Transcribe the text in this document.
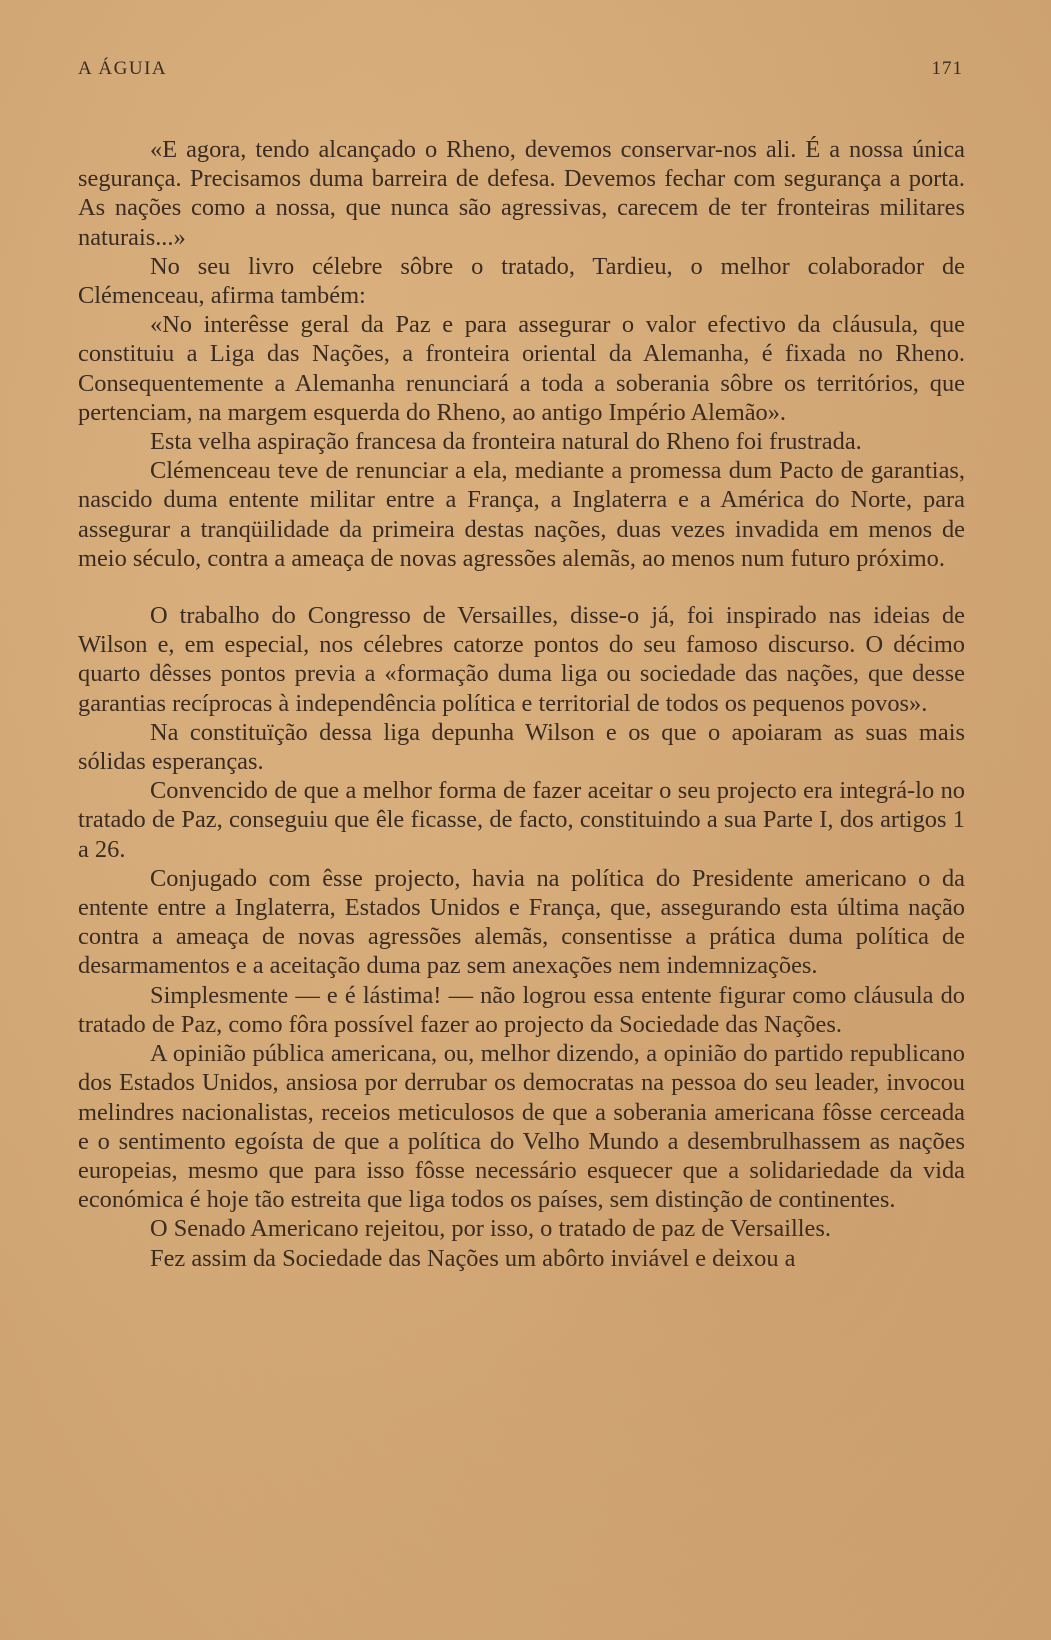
A ÁGUIA	171

«E agora, tendo alcançado o Rheno, devemos conservar-nos ali. É a nossa única segurança. Precisamos duma barreira de defesa. Devemos fechar com segurança a porta. As nações como a nossa, que nunca são agressivas, carecem de ter fronteiras militares naturais...»

No seu livro célebre sôbre o tratado, Tardieu, o melhor colaborador de Clémenceau, afirma também:

«No interêsse geral da Paz e para assegurar o valor efectivo da cláusula, que constituiu a Liga das Nações, a fronteira oriental da Alemanha, é fixada no Rheno. Consequentemente a Alemanha renunciará a toda a soberania sôbre os territórios, que pertenciam, na margem esquerda do Rheno, ao antigo Império Alemão».

Esta velha aspiração francesa da fronteira natural do Rheno foi frustrada.

Clémenceau teve de renunciar a ela, mediante a promessa dum Pacto de garantias, nascido duma entente militar entre a França, a Inglaterra e a América do Norte, para assegurar a tranqüilidade da primeira destas nações, duas vezes invadida em menos de meio século, contra a ameaça de novas agressões alemãs, ao menos num futuro próximo.

O trabalho do Congresso de Versailles, disse-o já, foi inspirado nas ideias de Wilson e, em especial, nos célebres catorze pontos do seu famoso discurso. O décimo quarto dêsses pontos previa a «formação duma liga ou sociedade das nações, que desse garantias recíprocas à independência política e territorial de todos os pequenos povos».

Na constituïção dessa liga depunha Wilson e os que o apoiaram as suas mais sólidas esperanças.

Convencido de que a melhor forma de fazer aceitar o seu projecto era integrá-lo no tratado de Paz, conseguiu que êle ficasse, de facto, constituindo a sua Parte I, dos artigos 1 a 26.

Conjugado com êsse projecto, havia na política do Presidente americano o da entente entre a Inglaterra, Estados Unidos e França, que, assegurando esta última nação contra a ameaça de novas agressões alemãs, consentisse a prática duma política de desarmamentos e a aceitação duma paz sem anexações nem indemnizações.

Simplesmente — e é lástima! — não logrou essa entente figurar como cláusula do tratado de Paz, como fôra possível fazer ao projecto da Sociedade das Nações.

A opinião pública americana, ou, melhor dizendo, a opinião do partido republicano dos Estados Unidos, ansiosa por derrubar os democratas na pessoa do seu leader, invocou melindres nacionalistas, receios meticulosos de que a soberania americana fôsse cerceada e o sentimento egoísta de que a política do Velho Mundo a desembrulhassem as nações europeias, mesmo que para isso fôsse necessário esquecer que a solidariedade da vida económica é hoje tão estreita que liga todos os países, sem distinção de continentes.

O Senado Americano rejeitou, por isso, o tratado de paz de Versailles.

Fez assim da Sociedade das Nações um abôrto inviável e deixou a
